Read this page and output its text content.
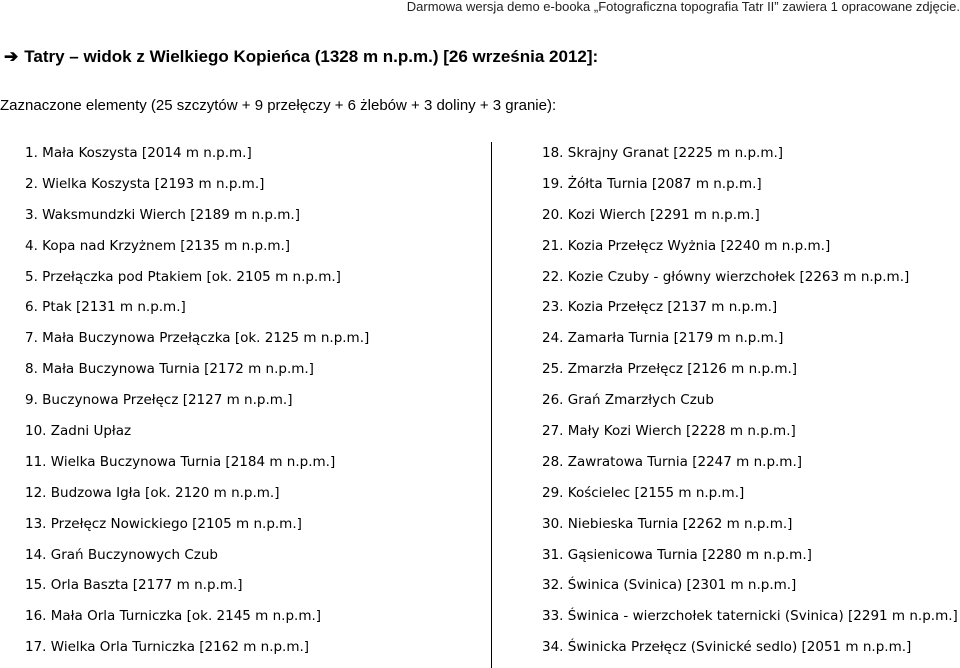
Darmowa wersja demo e-booka „Fotograficzna topografia Tatr II” zawiera 1 opracowane zdjęcie.
➔ Tatry – widok z Wielkiego Kopieńca (1328 m n.p.m.) [26 września 2012]:
Zaznaczone elementy (25 szczytów + 9 przełęczy + 6 żlebów + 3 doliny + 3 granie):
1. Mała Koszysta [2014 m n.p.m.]
2. Wielka Koszysta [2193 m n.p.m.]
3. Waksmundzki Wierch [2189 m n.p.m.]
4. Kopa nad Krzyżnem [2135 m n.p.m.]
5. Przełączka pod Ptakiem [ok. 2105 m n.p.m.]
6. Ptak [2131 m n.p.m.]
7. Mała Buczynowa Przełączka [ok. 2125 m n.p.m.]
8. Mała Buczynowa Turnia [2172 m n.p.m.]
9. Buczynowa Przełęcz [2127 m n.p.m.]
10. Zadni Upłaz
11. Wielka Buczynowa Turnia [2184 m n.p.m.]
12. Budzowa Igła [ok. 2120 m n.p.m.]
13. Przełęcz Nowickiego [2105 m n.p.m.]
14. Grań Buczynowych Czub
15. Orla Baszta [2177 m n.p.m.]
16. Mała Orla Turniczka [ok. 2145 m n.p.m.]
17. Wielka Orla Turniczka [2162 m n.p.m.]
18. Skrajny Granat [2225 m n.p.m.]
19. Żółta Turnia [2087 m n.p.m.]
20. Kozi Wierch [2291 m n.p.m.]
21. Kozia Przełęcz Wyżnia [2240 m n.p.m.]
22. Kozie Czuby - główny wierzchołek [2263 m n.p.m.]
23. Kozia Przełęcz [2137 m n.p.m.]
24. Zamarła Turnia [2179 m n.p.m.]
25. Zmarzła Przełęcz [2126 m n.p.m.]
26. Grań Zmarzłych Czub
27. Mały Kozi Wierch [2228 m n.p.m.]
28. Zawratowa Turnia [2247 m n.p.m.]
29. Kościelec [2155 m n.p.m.]
30. Niebieska Turnia [2262 m n.p.m.]
31. Gąsienicowa Turnia [2280 m n.p.m.]
32. Świnica (Svinica) [2301 m n.p.m.]
33. Świnica - wierzchołek taternicki (Svinica) [2291 m n.p.m.]
34. Świnicka Przełęcz (Svinické sedlo) [2051 m n.p.m.]
